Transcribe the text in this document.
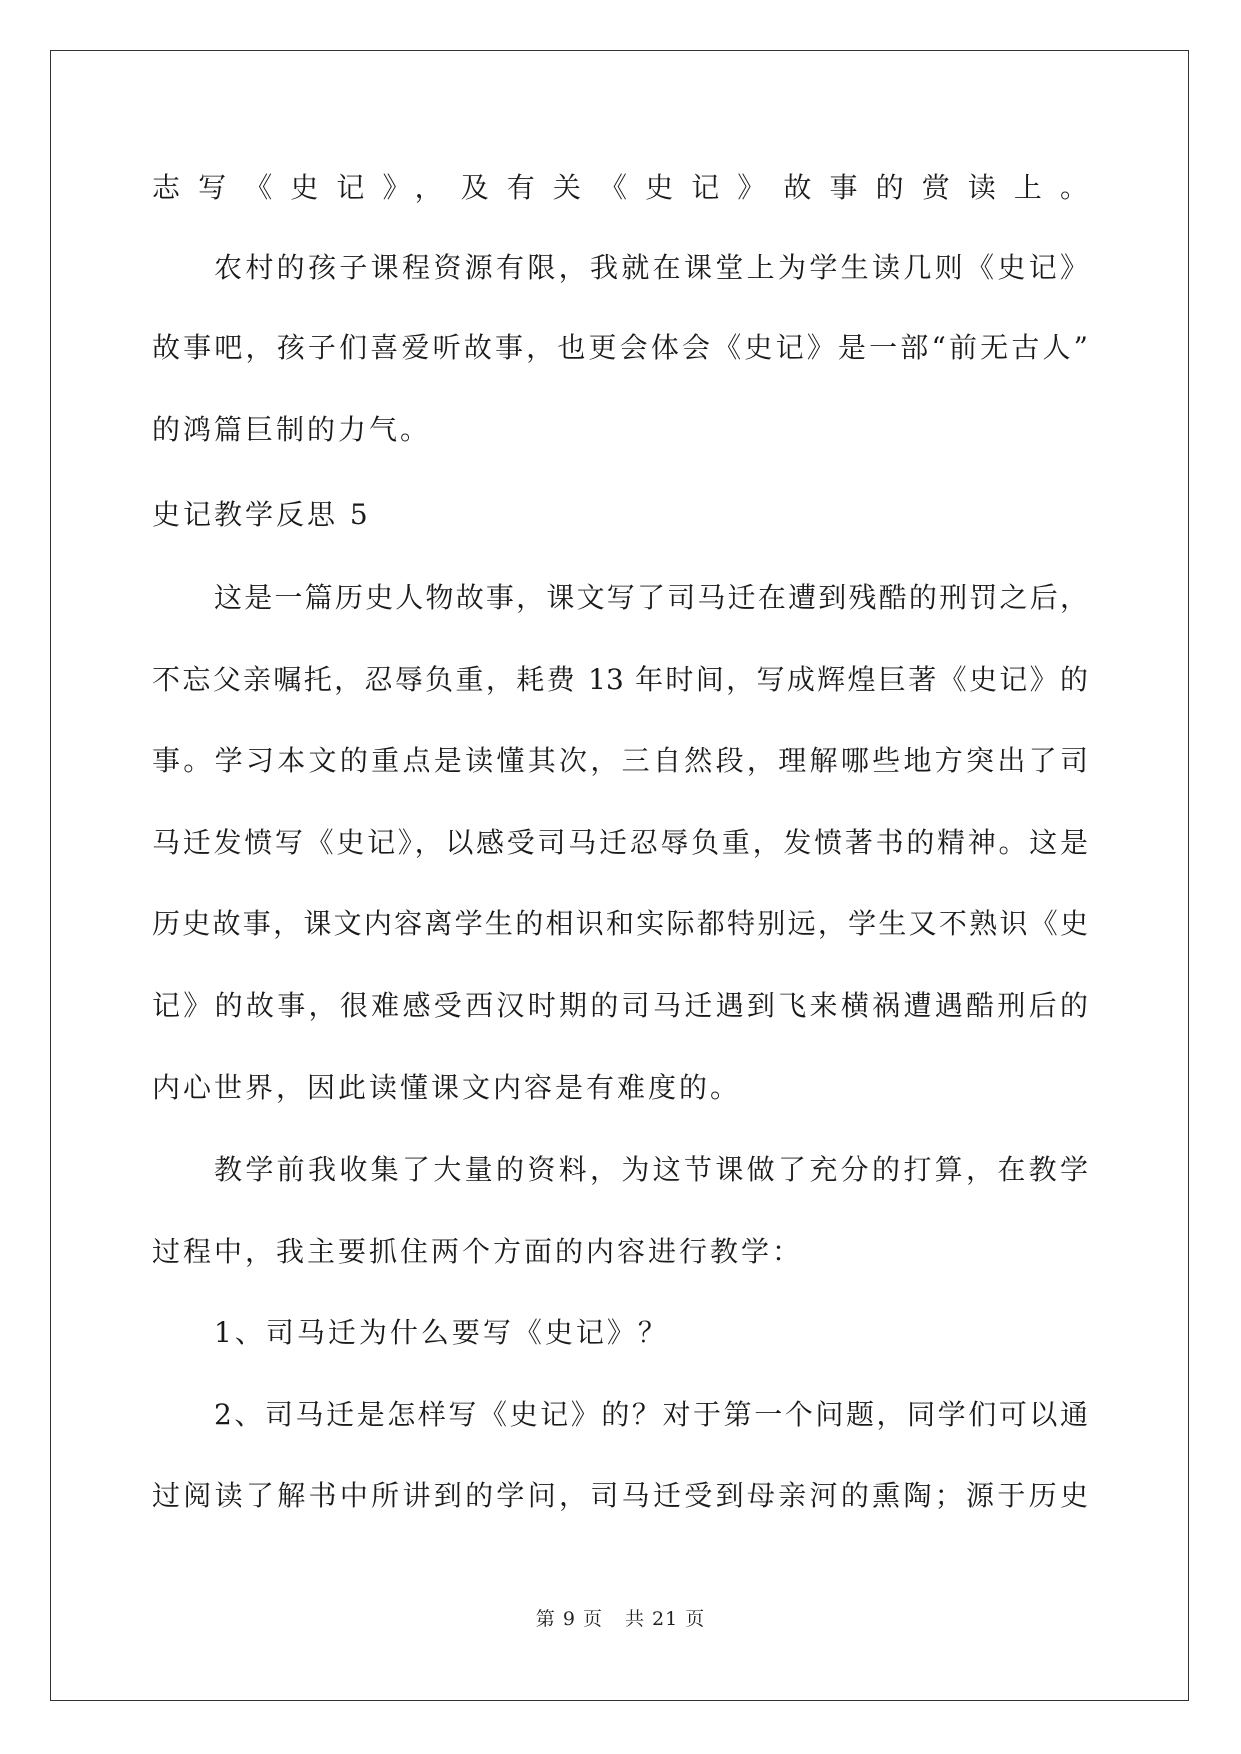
志写《史记》，及有关《史记》故事的赏读上。
农村的孩子课程资源有限，我就在课堂上为学生读几则《史记》
故事吧，孩子们喜爱听故事，也更会体会《史记》是一部“前无古人”
的鸿篇巨制的力气。
史记教学反思 5
这是一篇历史人物故事，课文写了司马迁在遭到残酷的刑罚之后，
不忘父亲嘱托，忍辱负重，耗费 13 年时间，写成辉煌巨著《史记》的
事。学习本文的重点是读懂其次，三自然段，理解哪些地方突出了司
马迁发愤写《史记》，以感受司马迁忍辱负重，发愤著书的精神。这是
历史故事，课文内容离学生的相识和实际都特别远，学生又不熟识《史
记》的故事，很难感受西汉时期的司马迁遇到飞来横祸遭遇酷刑后的
内心世界，因此读懂课文内容是有难度的。
教学前我收集了大量的资料，为这节课做了充分的打算，在教学
过程中，我主要抓住两个方面的内容进行教学：
1、司马迁为什么要写《史记》？
2、司马迁是怎样写《史记》的？对于第一个问题，同学们可以通
过阅读了解书中所讲到的学问，司马迁受到母亲河的熏陶；源于历史
第 9 页 共 21 页
